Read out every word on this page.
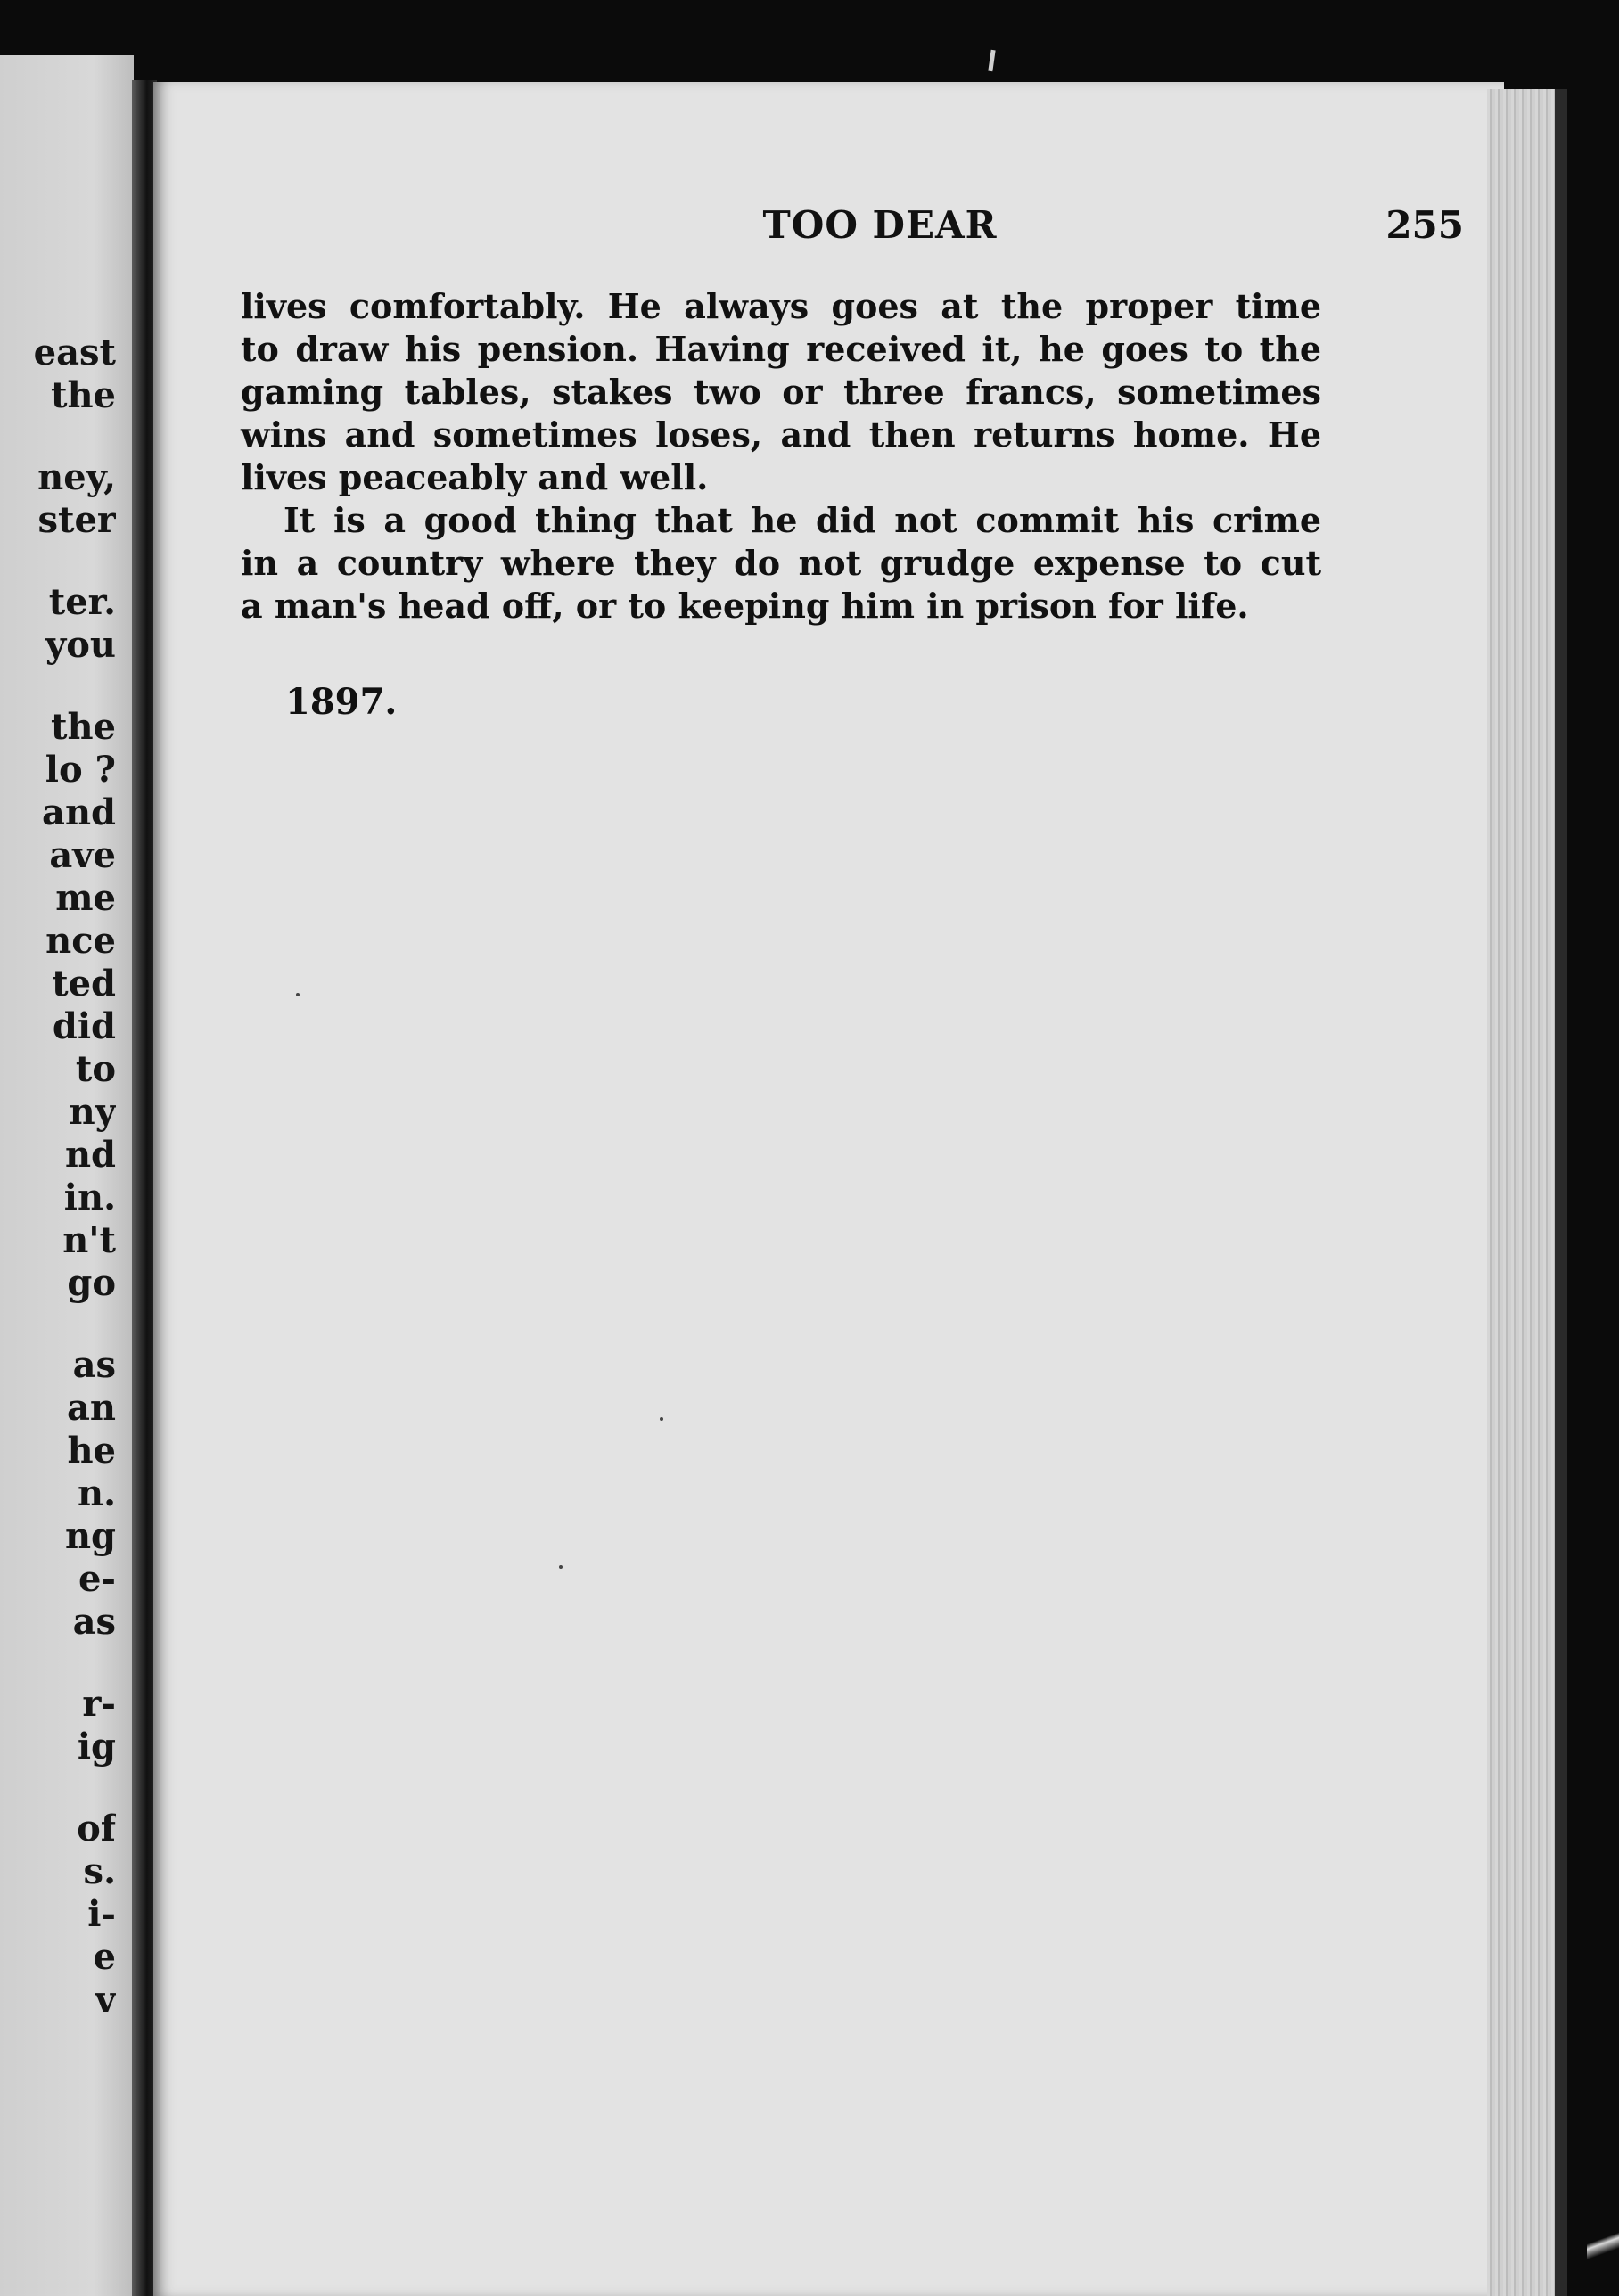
east
the
ney,
ster
ter.
you
the
lo ?
and
ave
me
nce
ted
did
to
ny
nd
in.
n't
go
as
an
he
n.
ng
e-
as
r-
ig
of
s.
i-
e
v
TOO DEAR	255
lives comfortably. He always goes at the proper time
to draw his pension. Having received it, he goes to the
gaming tables, stakes two or three francs, sometimes
wins and sometimes loses, and then returns home. He
lives peaceably and well.
It is a good thing that he did not commit his crime
in a country where they do not grudge expense to cut
a man's head off, or to keeping him in prison for life.
1897.
